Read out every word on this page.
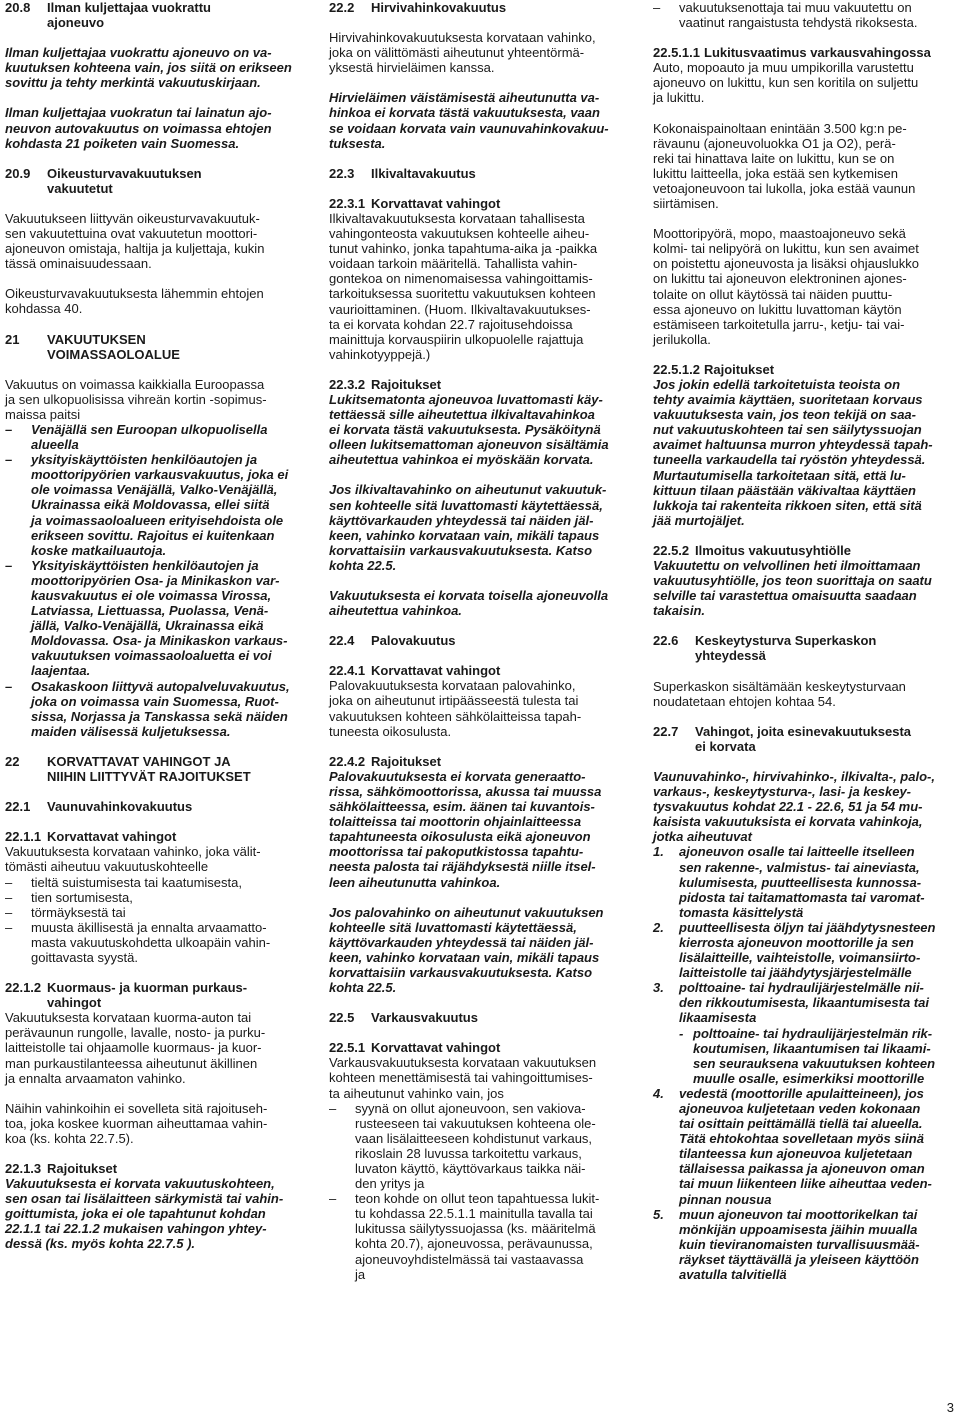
20.8 Ilman kuljettajaa vuokrattu
ajoneuvo
Ilman kuljettajaa vuokrattu ajoneuvo on va-
kuutuksen kohteena vain, jos siitä on erikseen
sovittu ja tehty merkintä vakuutuskirjaan.
Ilman kuljettajaa vuokratun tai lainatun ajo-
neuvon autovakuutus on voimassa ehtojen
kohdasta 21 poiketen vain Suomessa.
20.9 Oikeusturvavakuutuksen
vakuutetut
Vakuutukseen liittyvän oikeusturvavakuutuk-
sen vakuutettuina ovat vakuutetun moottori-
ajoneuvon omistaja, haltija ja kuljettaja, kukin
tässä ominaisuudessaan.
Oikeusturvavakuutuksesta lähemmin ehtojen
kohdassa 40.
21 VAKUUTUKSEN
VOIMASSAOLOALUE
Vakuutus on voimassa kaikkialla Euroopassa
ja sen ulkopuolisissa vihreän kortin -sopimus-
maissa paitsi
– Venäjällä sen Euroopan ulkopuolisella
alueella
– yksityiskäyttöisten henkilöautojen ja
moottoripyörien varkausvakuutus, joka ei
ole voimassa Venäjällä, Valko-Venäjällä,
Ukrainassa eikä Moldovassa, ellei siitä
ja voimassaoloalueen erityisehdoista ole
erikseen sovittu. Rajoitus ei kuitenkaan
koske matkailuautoja.
– Yksityiskäyttöisten henkilöautojen ja
moottoripyörien Osa- ja Minikaskon var-
kausvakuutus ei ole voimassa Virossa,
Latviassa, Liettuassa, Puolassa, Venä-
jällä, Valko-Venäjällä, Ukrainassa eikä
Moldovassa. Osa- ja Minikaskon varkaus-
vakuutuksen voimassaoloaluetta ei voi
laajentaa.
– Osakaskoon liittyvä autopalveluvakuutus,
joka on voimassa vain Suomessa, Ruot-
sissa, Norjassa ja Tanskassa sekä näiden
maiden välisessä kuljetuksessa.
22 KORVATTAVAT VAHINGOT JA
NIIHIN LIITTYVÄT RAJOITUKSET
22.1 Vaunuvahinkovakuutus
22.1.1 Korvattavat vahingot
Vakuutuksesta korvataan vahinko, joka välit-
tömästi aiheutuu vakuutuskohteelle
– tieltä suistumisesta tai kaatumisesta,
– tien sortumisesta,
– törmäyksestä tai
– muusta äkillisestä ja ennalta arvaamatto-
masta vakuutuskohdetta ulkoapäin vahin-
goittavasta syystä.
22.1.2 Kuormaus- ja kuorman purkaus-
vahingot
Vakuutuksesta korvataan kuorma-auton tai
perävaunun rungolle, lavalle, nosto- ja purku-
laitteistolle tai ohjaamolle kuormaus- ja kuor-
man purkaustilanteessa aiheutunut äkillinen
ja ennalta arvaamaton vahinko.
Näihin vahinkoihin ei sovelleta sitä rajoituseh-
toa, joka koskee kuorman aiheuttamaa vahin-
koa (ks. kohta 22.7.5).
22.1.3 Rajoitukset
Vakuutuksesta ei korvata vakuutuskohteen,
sen osan tai lisälaitteen särkymistä tai vahin-
goittumista, joka ei ole tapahtunut kohdan
22.1.1 tai 22.1.2 mukaisen vahingon yhtey-
dessä (ks. myös kohta 22.7.5 ).
22.2 Hirvivahinkovakuutus
Hirvivahinkovakuutuksesta korvataan vahinko,
joka on välittömästi aiheutunut yhteentörmä-
yksestä hirvieläimen kanssa.
Hirvieläimen väistämisestä aiheutunutta va-
hinkoa ei korvata tästä vakuutuksesta, vaan
se voidaan korvata vain vaunuvahinkovakuu-
tuksesta.
22.3 Ilkivaltavakuutus
22.3.1 Korvattavat vahingot
Ilkivaltavakuutuksesta korvataan tahallisesta
vahingonteosta vakuutuksen kohteelle aiheu-
tunut vahinko, jonka tapahtuma-aika ja -paikka
voidaan tarkoin määritellä. Tahallista vahin-
gontekoa on nimenomaisessa vahingoittamis-
tarkoituksessa suoritettu vakuutuksen kohteen
vaurioittaminen. (Huom. Ilkivaltavakuutukses-
ta ei korvata kohdan 22.7 rajoitusehdoissa
mainittuja korvauspiirin ulkopuolelle rajattuja
vahinkotyyppejä.)
22.3.2 Rajoitukset
Lukitsematonta ajoneuvoa luvattomasti käy-
tettäessä sille aiheutettua ilkivaltavahinkoa
ei korvata tästä vakuutuksesta. Pysäköitynä
olleen lukitsemattoman ajoneuvon sisältämia
aiheutettua vahinkoa ei myöskään korvata.
Jos ilkivaltavahinko on aiheutunut vakuutuk-
sen kohteelle sitä luvattomasti käytettäessä,
käyttövarkauden yhteydessä tai näiden jäl-
keen, vahinko korvataan vain, mikäli tapaus
korvattaisiin varkausvakuutuksesta. Katso
kohta 22.5.
Vakuutuksesta ei korvata toisella ajoneuvolla
aiheutettua vahinkoa.
22.4 Palovakuutus
22.4.1 Korvattavat vahingot
Palovakuutuksesta korvataan palovahinko,
joka on aiheutunut irtipäässeestä tulesta tai
vakuutuksen kohteen sähkölaitteissa tapah-
tuneesta oikosulusta.
22.4.2 Rajoitukset
Palovakuutuksesta ei korvata generaatto-
rissa, sähkömoottorissa, akussa tai muussa
sähkölaitteessa, esim. äänen tai kuvantois-
tolaitteissa tai moottorin ohjainlaitteessa
tapahtuneesta oikosulusta eikä ajoneuvon
moottorissa tai pakoputkistossa tapahtu-
neesta palosta tai räjähdyksestä niille itsel-
leen aiheutunutta vahinkoa.
Jos palovahinko on aiheutunut vakuutuksen
kohteelle sitä luvattomasti käytettäessä,
käyttövarkauden yhteydessä tai näiden jäl-
keen, vahinko korvataan vain, mikäli tapaus
korvattaisiin varkausvakuutuksesta. Katso
kohta 22.5.
22.5 Varkausvakuutus
22.5.1 Korvattavat vahingot
Varkausvakuutuksesta korvataan vakuutuksen
kohteen menettämisestä tai vahingoittumises-
ta aiheutunut vahinko vain, jos
– syynä on ollut ajoneuvoon, sen vakiova-
rusteeseen tai vakuutuksen kohteena ole-
vaan lisälaitteeseen kohdistunut varkaus,
rikoslain 28 luvussa tarkoitettu varkaus,
luvaton käyttö, käyttövarkaus taikka näi-
den yritys ja
– teon kohde on ollut teon tapahtuessa lukit-
tu kohdassa 22.5.1.1 mainitulla tavalla tai
lukitussa säilytyssuojassa (ks. määritelmä
kohta 20.7), ajoneuvossa, perävaunussa,
ajoneuvoyhdistelmässä tai vastaavassa
ja
– vakuutuksenottaja tai muu vakuutettu on
vaatinut rangaistusta tehdystä rikoksesta.
22.5.1.1 Lukitusvaatimus varkausvahingossa
Auto, mopoauto ja muu umpikorilla varustettu
ajoneuvo on lukittu, kun sen koritila on suljettu
ja lukittu.
Kokonaispainoltaan enintään 3.500 kg:n pe-
rävaunu (ajoneuvoluokka O1 ja O2), perä-
reki tai hinattava laite on lukittu, kun se on
lukittu laitteella, joka estää sen kytkemisen
vetoajoneuvoon tai lukolla, joka estää vaunun
siirtämisen.
Moottoripyörä, mopo, maastoajoneuvo sekä
kolmi- tai nelipyörä on lukittu, kun sen avaimet
on poistettu ajoneuvosta ja lisäksi ohjauslukko
on lukittu tai ajoneuvon elektroninen ajones-
tolaite on ollut käytössä tai näiden puuttu-
essa ajoneuvo on lukittu luvattoman käytön
estämiseen tarkoitetulla jarru-, ketju- tai vai-
jerilukolla.
22.5.1.2 Rajoitukset
Jos jokin edellä tarkoitetuista teoista on
tehty avaimia käyttäen, suoritetaan korvaus
vakuutuksesta vain, jos teon tekijä on saa-
nut vakuutuskohteen tai sen säilytyssuojan
avaimet haltuunsa murron yhteydessä tapah-
tuneella varkaudella tai ryöstön yhteydessä.
Murtautumisella tarkoitetaan sitä, että lu-
kittuun tilaan päästään väkivaltaa käyttäen
lukkoja tai rakenteita rikkoen siten, että sitä
jää murtojäljet.
22.5.2 Ilmoitus vakuutusyhtiölle
Vakuutettu on velvollinen heti ilmoittamaan
vakuutusyhtiölle, jos teon suorittaja on saatu
selville tai varastettua omaisuutta saadaan
takaisin.
22.6 Keskeytysturva Superkaskon
yhteydessä
Superkaskon sisältämään keskeytysturvaan
noudatetaan ehtojen kohtaa 54.
22.7 Vahingot, joita esinevakuutuksesta
ei korvata
Vaunuvahinko-, hirvivahinko-, ilkivalta-, palo-,
varkaus-, keskeytysturva-, lasi- ja keskey-
tysvakuutus kohdat 22.1 - 22.6, 51 ja 54 mu-
kaisista vakuutuksista ei korvata vahinkoja,
jotka aiheutuvat
1. ajoneuvon osalle tai laitteelle itselleen
sen rakenne-, valmistus- tai aineviasta,
kulumisesta, puutteellisesta kunnossa-
pidosta tai taitamattomasta tai varomat-
tomasta käsittelystä
2. puutteellisesta öljyn tai jäähdytysnesteen
kierrosta ajoneuvon moottorille ja sen
lisälaitteille, vaihteistolle, voimansiirto-
laitteistolle tai jäähdytysjärjestelmälle
3. polttoaine- tai hydraulijärjestelmälle nii-
den rikkoutumisesta, likaantumisesta tai
likaamisesta
- polttoaine- tai hydraulijärjestelmän rik-
koutumisen, likaantumisen tai likaami-
sen seurauksena vakuutuksen kohteen
muulle osalle, esimerkiksi moottorille
4. vedestä (moottorille apulaitteineen), jos
ajoneuvoa kuljetetaan veden kokonaan
tai osittain peittämällä tiellä tai alueella.
Tätä ehtokohtaa sovelletaan myös siinä
tilanteessa kun ajoneuvoa kuljetetaan
tällaisessa paikassa ja ajoneuvon oman
tai muun liikenteen liike aiheuttaa veden-
pinnan nousua
5. muun ajoneuvon tai moottorikelkan tai
mönkijän uppoamisesta jäihin muualla
kuin tieviranomaisten turvallisuusmää-
räykset täyttävällä ja yleiseen käyttöön
avatulla talvitiellä
3
